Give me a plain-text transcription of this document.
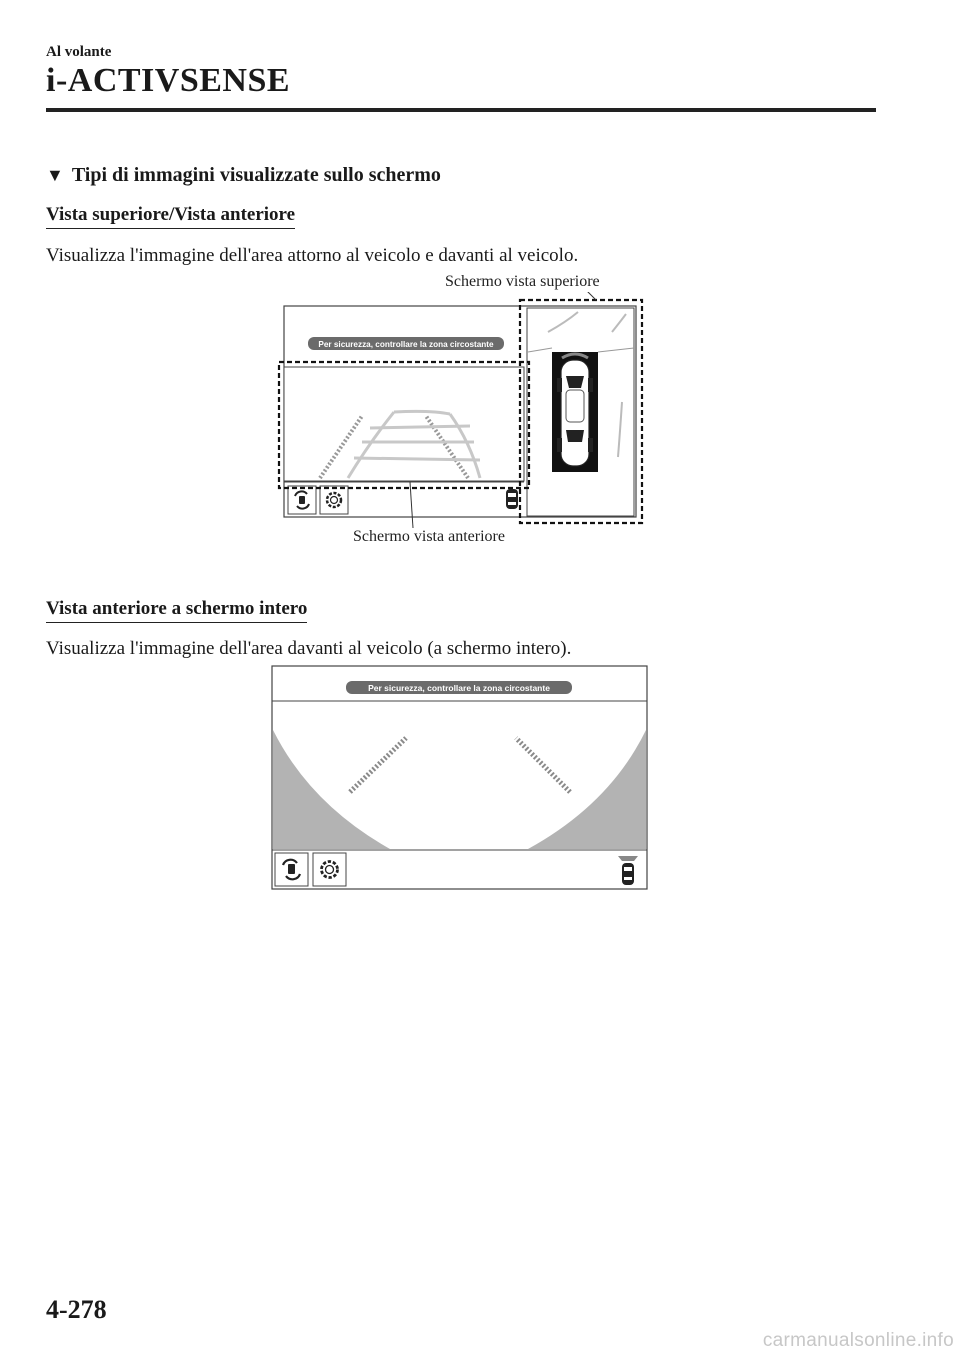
Al volante
i-ACTIVSENSE
▼ Tipi di immagini visualizzate sullo schermo
Vista superiore/Vista anteriore
Visualizza l'immagine dell'area attorno al veicolo e davanti al veicolo.
Schermo vista superiore
Schermo vista anteriore
Per sicurezza, controllare la zona circostante
Vista anteriore a schermo intero
Visualizza l'immagine dell'area davanti al veicolo (a schermo intero).
Per sicurezza, controllare la zona circostante
4-278
carmanualsonline.info
